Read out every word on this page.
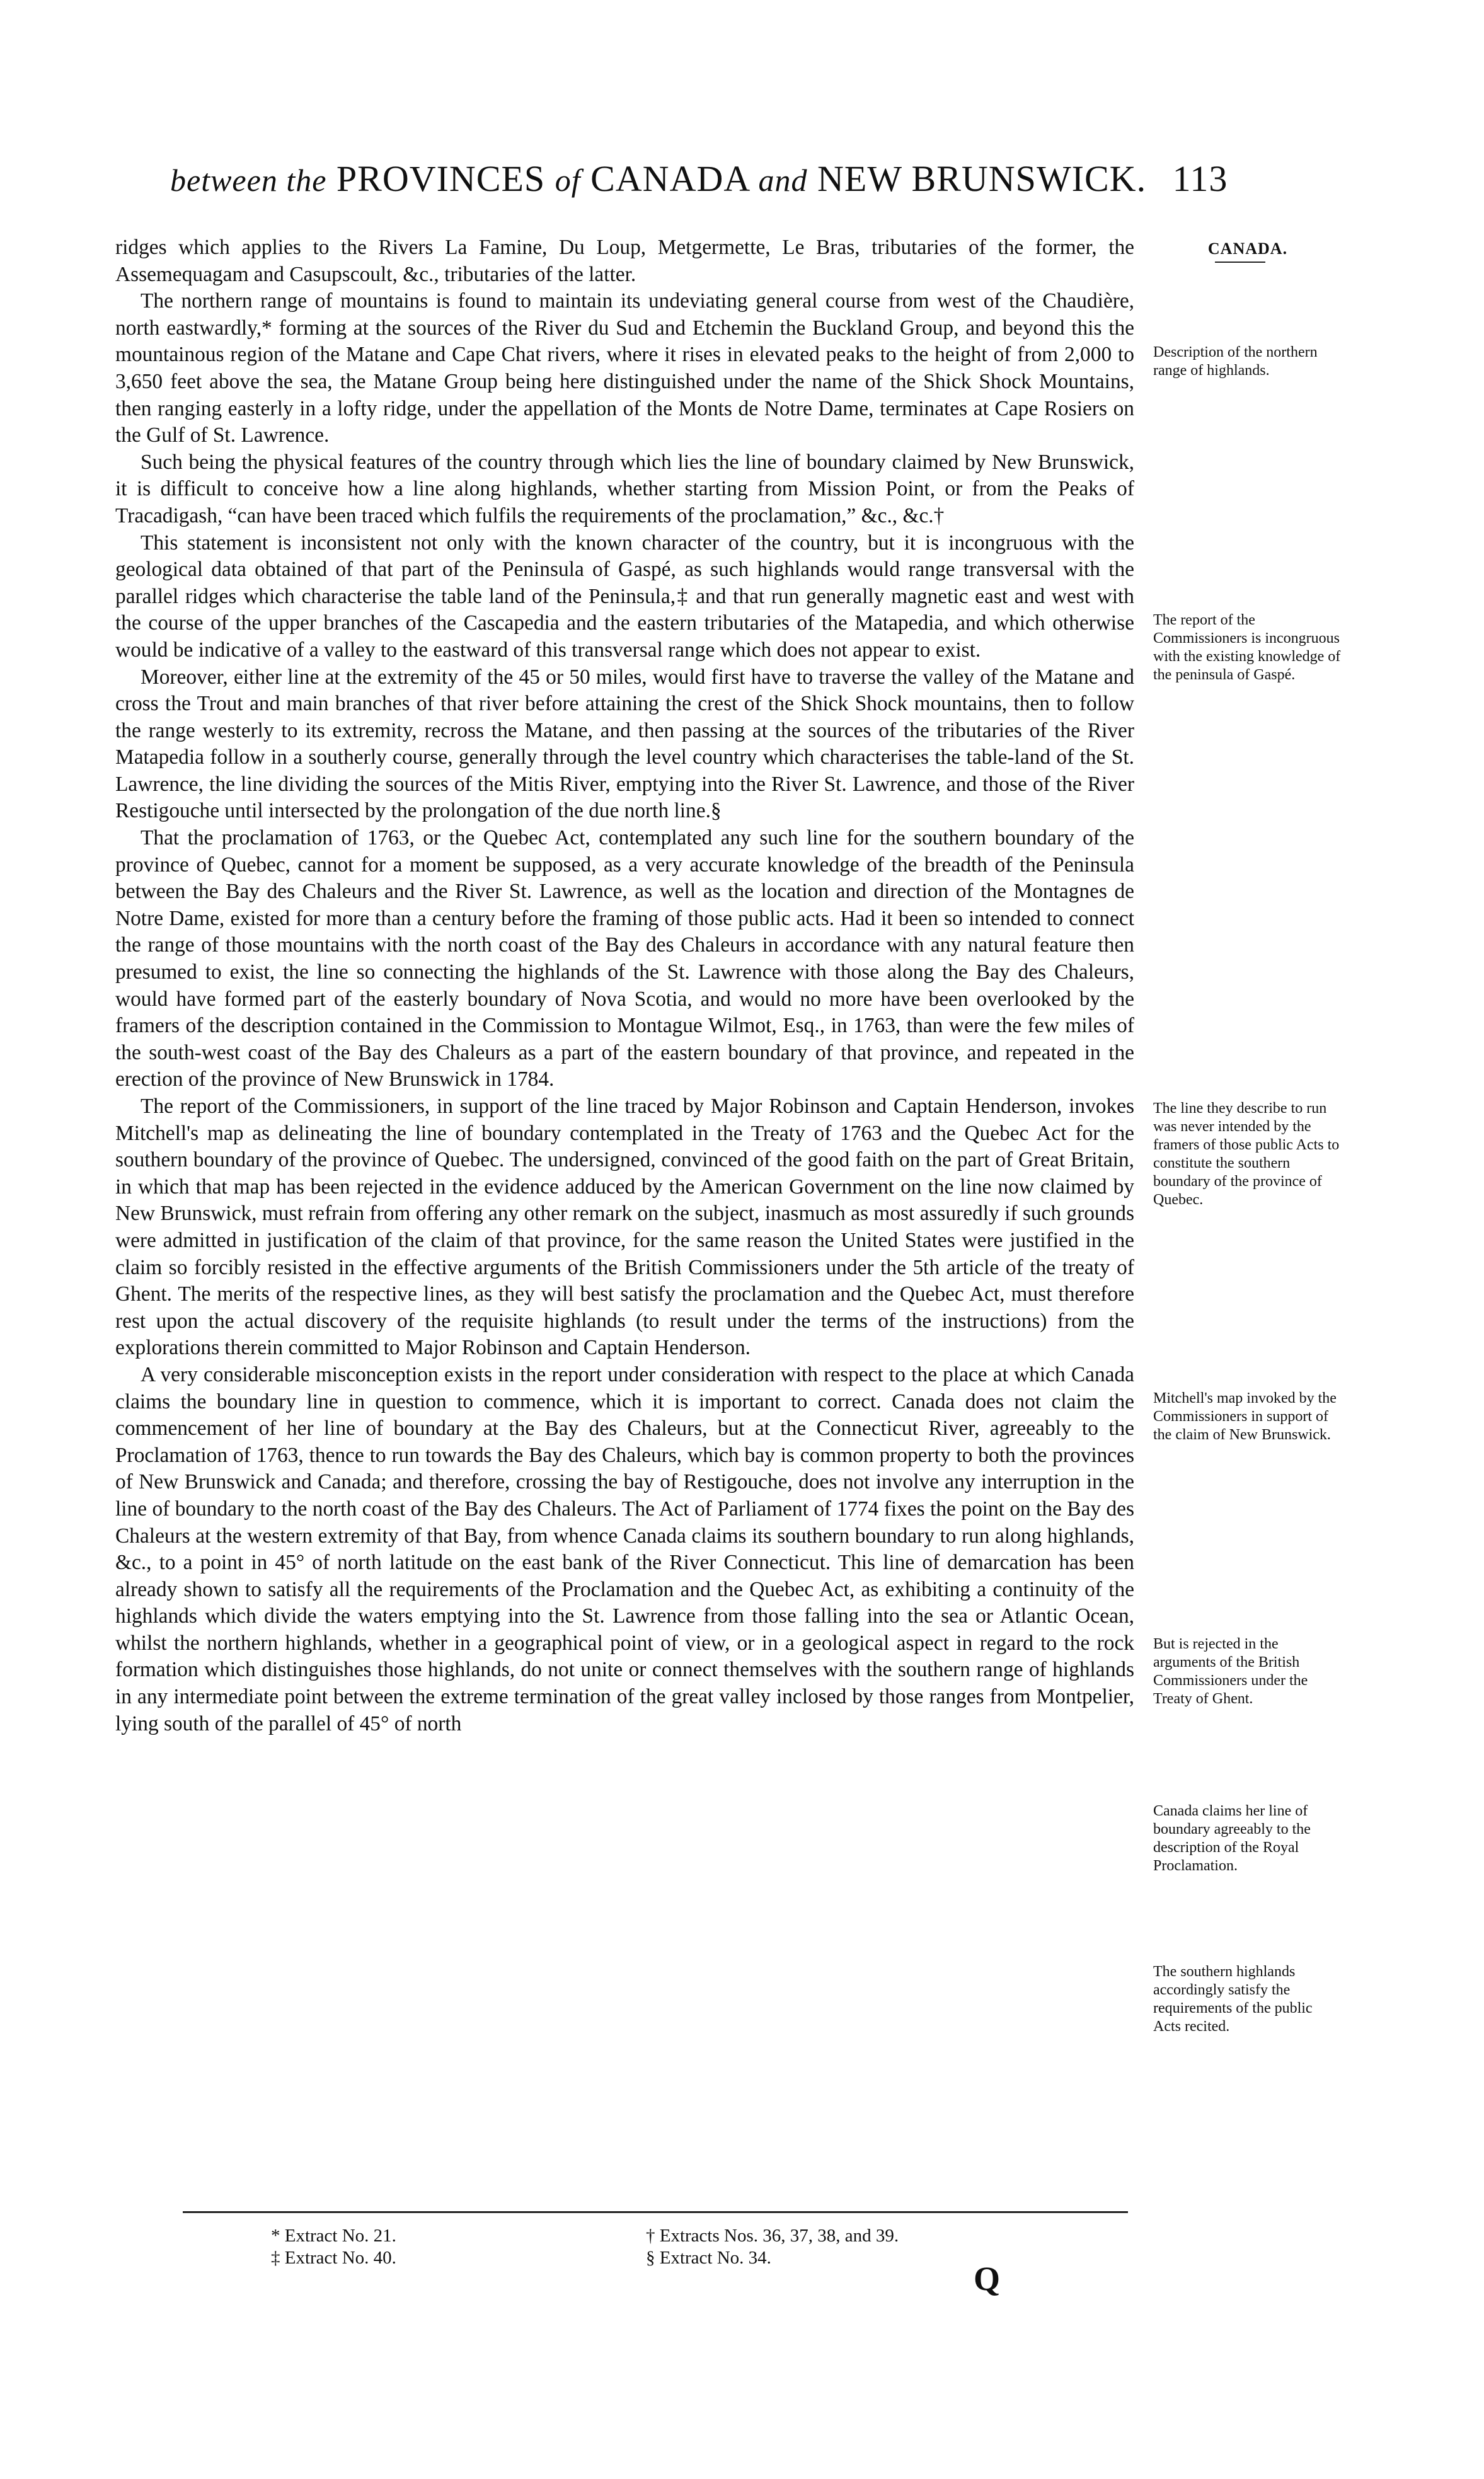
between the PROVINCES of CANADA and NEW BRUNSWICK. 113
CANADA.

ridges which applies to the Rivers La Famine, Du Loup, Metgermette, Le Bras, tributaries of the former, the Assemequagam and Casupscoult, &c., tributaries of the latter.

The northern range of mountains is found to maintain its undeviating general course from west of the Chaudière, north eastwardly,* forming at the sources of the River du Sud and Etchemin the Buckland Group, and beyond this the mountainous region of the Matane and Cape Chat rivers, where it rises in elevated peaks to the height of from 2,000 to 3,650 feet above the sea, the Matane Group being here distinguished under the name of the Shick Shock Mountains, then ranging easterly in a lofty ridge, under the appellation of the Monts de Notre Dame, terminates at Cape Rosiers on the Gulf of St. Lawrence.

Such being the physical features of the country through which lies the line of boundary claimed by New Brunswick, it is difficult to conceive how a line along highlands, whether starting from Mission Point, or from the Peaks of Tracadigash, “can have been traced which fulfils the requirements of the proclamation,” &c., &c.†

This statement is inconsistent not only with the known character of the country, but it is incongruous with the geological data obtained of that part of the Peninsula of Gaspé, as such highlands would range transversal with the parallel ridges which characterise the table land of the Peninsula,‡ and that run generally magnetic east and west with the course of the upper branches of the Cascapedia and the eastern tributaries of the Matapedia, and which otherwise would be indicative of a valley to the eastward of this transversal range which does not appear to exist.

Moreover, either line at the extremity of the 45 or 50 miles, would first have to traverse the valley of the Matane and cross the Trout and main branches of that river before attaining the crest of the Shick Shock mountains, then to follow the range westerly to its extremity, recross the Matane, and then passing at the sources of the tributaries of the River Matapedia follow in a southerly course, generally through the level country which characterises the table-land of the St. Lawrence, the line dividing the sources of the Mitis River, emptying into the River St. Lawrence, and those of the River Restigouche until intersected by the prolongation of the due north line.§

That the proclamation of 1763, or the Quebec Act, contemplated any such line for the southern boundary of the province of Quebec, cannot for a moment be supposed, as a very accurate knowledge of the breadth of the Peninsula between the Bay des Chaleurs and the River St. Lawrence, as well as the location and direction of the Montagnes de Notre Dame, existed for more than a century before the framing of those public acts. Had it been so intended to connect the range of those mountains with the north coast of the Bay des Chaleurs in accordance with any natural feature then presumed to exist, the line so connecting the highlands of the St. Lawrence with those along the Bay des Chaleurs, would have formed part of the easterly boundary of Nova Scotia, and would no more have been overlooked by the framers of the description contained in the Commission to Montague Wilmot, Esq., in 1763, than were the few miles of the south-west coast of the Bay des Chaleurs as a part of the eastern boundary of that province, and repeated in the erection of the province of New Brunswick in 1784.

The report of the Commissioners, in support of the line traced by Major Robinson and Captain Henderson, invokes Mitchell's map as delineating the line of boundary contemplated in the Treaty of 1763 and the Quebec Act for the southern boundary of the province of Quebec. The undersigned, convinced of the good faith on the part of Great Britain, in which that map has been rejected in the evidence adduced by the American Government on the line now claimed by New Brunswick, must refrain from offering any other remark on the subject, inasmuch as most assuredly if such grounds were admitted in justification of the claim of that province, for the same reason the United States were justified in the claim so forcibly resisted in the effective arguments of the British Commissioners under the 5th article of the treaty of Ghent. The merits of the respective lines, as they will best satisfy the proclamation and the Quebec Act, must therefore rest upon the actual discovery of the requisite highlands (to result under the terms of the instructions) from the explorations therein committed to Major Robinson and Captain Henderson.

A very considerable misconception exists in the report under consideration with respect to the place at which Canada claims the boundary line in question to commence, which it is important to correct. Canada does not claim the commencement of her line of boundary at the Bay des Chaleurs, but at the Connecticut River, agreeably to the Proclamation of 1763, thence to run towards the Bay des Chaleurs, which bay is common property to both the provinces of New Brunswick and Canada; and therefore, crossing the bay of Restigouche, does not involve any interruption in the line of boundary to the north coast of the Bay des Chaleurs. The Act of Parliament of 1774 fixes the point on the Bay des Chaleurs at the western extremity of that Bay, from whence Canada claims its southern boundary to run along highlands, &c., to a point in 45° of north latitude on the east bank of the River Connecticut. This line of demarcation has been already shown to satisfy all the requirements of the Proclamation and the Quebec Act, as exhibiting a continuity of the highlands which divide the waters emptying into the St. Lawrence from those falling into the sea or Atlantic Ocean, whilst the northern highlands, whether in a geographical point of view, or in a geological aspect in regard to the rock formation which distinguishes those highlands, do not unite or connect themselves with the southern range of highlands in any intermediate point between the extreme termination of the great valley inclosed by those ranges from Montpelier, lying south of the parallel of 45° of north

Description of the northern range of highlands.
The report of the Commissioners is incongruous with the existing knowledge of the peninsula of Gaspé.
The line they describe to run was never intended by the framers of those public Acts to constitute the southern boundary of the province of Quebec.
Mitchell's map invoked by the Commissioners in support of the claim of New Brunswick.
But is rejected in the arguments of the British Commissioners under the Treaty of Ghent.
Canada claims her line of boundary agreeably to the description of the Royal Proclamation.
The southern highlands accordingly satisfy the requirements of the public Acts recited.
* Extract No. 21.	† Extracts Nos. 36, 37, 38, and 39.
‡ Extract No. 40.	§ Extract No. 34.
Q
